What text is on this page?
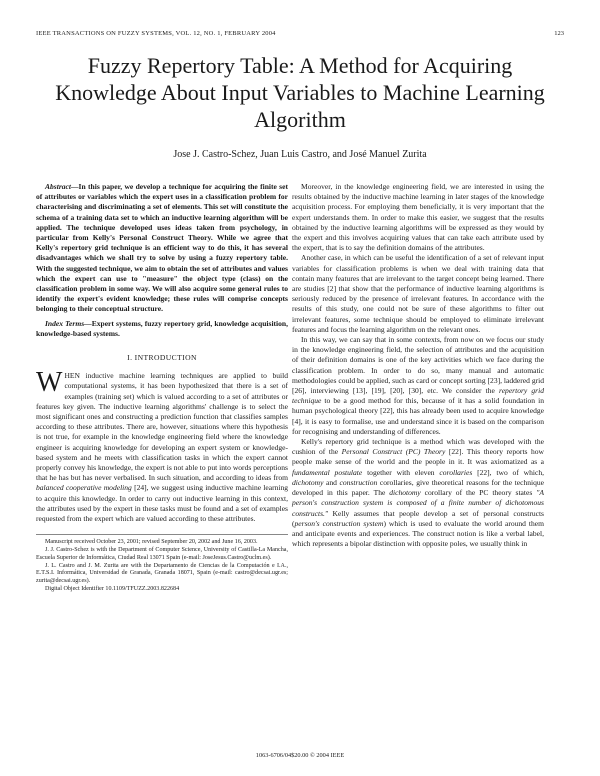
IEEE TRANSACTIONS ON FUZZY SYSTEMS, VOL. 12, NO. 1, FEBRUARY 2004	123
Fuzzy Repertory Table: A Method for Acquiring Knowledge About Input Variables to Machine Learning Algorithm
Jose J. Castro-Schez, Juan Luis Castro, and José Manuel Zurita

Abstract—In this paper, we develop a technique for acquiring the finite set of attributes or variables which the expert uses in a classification problem for characterising and discriminating a set of elements. This set will constitute the schema of a training data set to which an inductive learning algorithm will be applied. The technique developed uses ideas taken from psychology, in particular from Kelly's Personal Construct Theory. While we agree that Kelly's repertory grid technique is an efficient way to do this, it has several disadvantages which we shall try to solve by using a fuzzy repertory table. With the suggested technique, we aim to obtain the set of attributes and values which the expert can use to "measure" the object type (class) on the classification problem in some way. We will also acquire some general rules to identify the expert's evident knowledge; these rules will comprise concepts belonging to their conceptual structure.

Index Terms—Expert systems, fuzzy repertory grid, knowledge acquisition, knowledge-based systems.

I. INTRODUCTION

WHEN inductive machine learning techniques are applied to build computational systems, it has been hypothesized that there is a set of examples (training set) which is valued according to a set of attributes or features key given. The inductive learning algorithms' challenge is to select the most significant ones and constructing a prediction function that classifies samples according to these attributes. There are, however, situations where this hypothesis is not true, for example in the knowledge engineering field where the knowledge engineer is acquiring knowledge for developing an expert system or knowledge-based system and he meets with classification tasks in which the expert cannot properly convey his knowledge, the expert is not able to put into words perceptions that he has but has never verbalised. In such situation, and according to ideas from balanced cooperative modeling [24], we suggest using inductive machine learning to acquire this knowledge. In order to carry out inductive learning in this context, the attributes used by the expert in these tasks must be found and a set of examples requested from the expert which are valued according to these attributes.

Manuscript received October 23, 2001; revised September 20, 2002 and June 16, 2003.

J. J. Castro-Schez is with the Department of Computer Science, University of Castilla-La Mancha, Escuela Superior de Informática, Ciudad Real 13071 Spain (e-mail: JoseJesus.Castro@uclm.es).

J. L. Castro and J. M. Zurita are with the Departamento de Ciencias de la Computación e I.A., E.T.S.I. Informática, Universidad de Granada, Granada 18071, Spain (e-mail: castro@decsai.ugr.es; zurita@decsai.ugr.es).

Digital Object Identifier 10.1109/TFUZZ.2003.822684

Moreover, in the knowledge engineering field, we are interested in using the results obtained by the inductive machine learning in later stages of the knowledge acquisition process. For employing them beneficially, it is very important that the expert understands them. In order to make this easier, we suggest that the results obtained by the inductive learning algorithms will be expressed as they would by the expert and this involves acquiring values that can take each attribute used by the expert, that is to say the definition domains of the attributes.

Another case, in which can be useful the identification of a set of relevant input variables for classification problems is when we deal with training data that contain many features that are irrelevant to the target concept being learned. There are studies [2] that show that the performance of inductive learning algorithms is seriously reduced by the presence of irrelevant features. In accordance with the results of this study, one could not be sure of these algorithms to filter out irrelevant features, some technique should be employed to eliminate irrelevant features and focus the learning algorithm on the relevant ones.

In this way, we can say that in some contexts, from now on we focus our study in the knowledge engineering field, the selection of attributes and the acquisition of their definition domains is one of the key activities which we face during the classification problem. In order to do so, many manual and automatic methodologies could be applied, such as card or concept sorting [23], laddered grid [26], interviewing [13], [19], [20], [30], etc. We consider the repertory grid technique to be a good method for this, because of it has a solid foundation in human psychological theory [22], this has already been used to acquire knowledge [4], it is easy to formalise, use and understand since it is based on the comparison for recognising and understanding of differences.

Kelly's repertory grid technique is a method which was developed with the cushion of the Personal Construct (PC) Theory [22]. This theory reports how people make sense of the world and the people in it. It was axiomatized as a fundamental postulate together with eleven corollaries [22], two of which, dichotomy and construction corollaries, give theoretical reasons for the technique developed in this paper. The dichotomy corollary of the PC theory states "A person's construction system is composed of a finite number of dichotomous constructs." Kelly assumes that people develop a set of personal constructs (person's construction system) which is used to evaluate the world around them and anticipate events and experiences. The construct notion is like a verbal label, which represents a bipolar distinction with opposite poles, we usually think in

1063-6706/04$20.00 © 2004 IEEE
